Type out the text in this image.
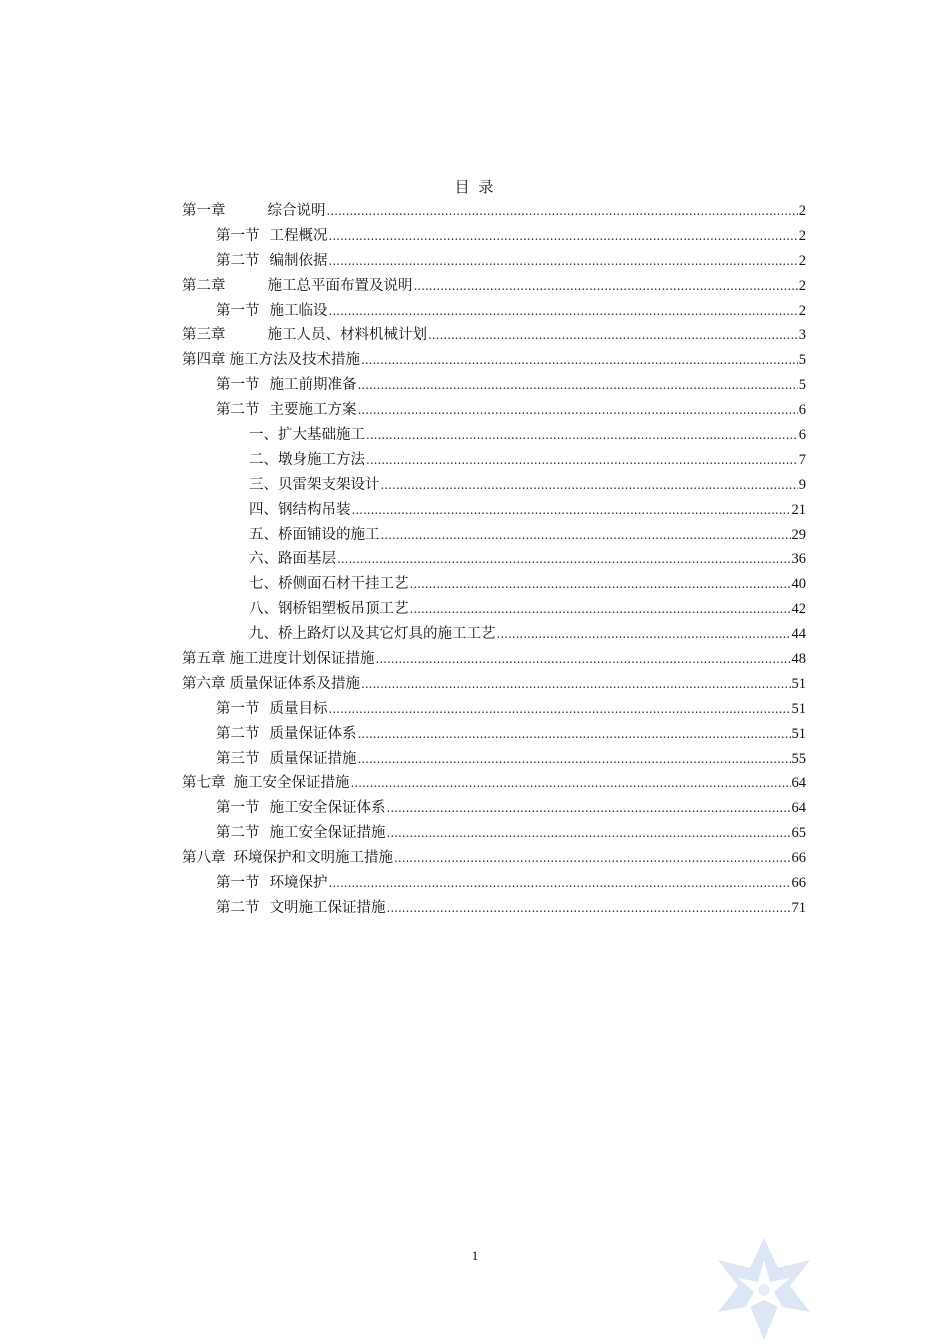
目 录
第一章	综合说明 .....	2
第一节 工程概况 .....	2
第二节 编制依据 .....	2
第二章	施工总平面布置及说明 .....	2
第一节 施工临设 .....	2
第三章	施工人员、材料机械计划 .....	3
第四章 施工方法及技术措施 .....	5
第一节 施工前期准备 .....	5
第二节 主要施工方案 .....	6
一、扩大基础施工 .....	6
二、墩身施工方法 .....	7
三、贝雷架支架设计 .....	9
四、钢结构吊装 .....	21
五、桥面铺设的施工 .....	29
六、路面基层 .....	36
七、桥侧面石材干挂工艺 .....	40
八、钢桥铝塑板吊顶工艺 .....	42
九、桥上路灯以及其它灯具的施工工艺 .....	44
第五章 施工进度计划保证措施 .....	48
第六章 质量保证体系及措施 .....	51
第一节 质量目标 .....	51
第二节 质量保证体系 .....	51
第三节 质量保证措施 .....	55
第七章 施工安全保证措施 .....	64
第一节 施工安全保证体系 .....	64
第二节 施工安全保证措施 .....	65
第八章 环境保护和文明施工措施 .....	66
第一节 环境保护 .....	66
第二节 文明施工保证措施 .....	71
1
